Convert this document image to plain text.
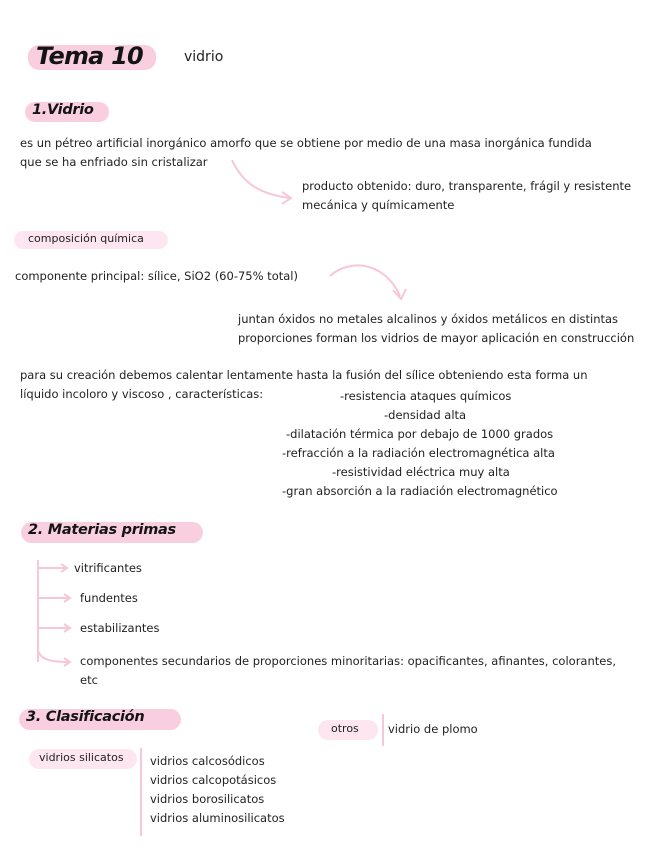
Tema 10	vidrio
1.Vidrio
es un pétreo artificial inorgánico amorfo que se obtiene por medio de una masa inorgánica fundida
que se ha enfriado sin cristalizar
producto obtenido: duro, transparente, frágil y resistente
mecánica y químicamente
composición química
componente principal: sílice, SiO2 (60-75% total)
juntan óxidos no metales alcalinos y óxidos metálicos en distintas
proporciones forman los vidrios de mayor aplicación en construcción
para su creación debemos calentar lentamente hasta la fusión del sílice obteniendo esta forma un
líquido incoloro y viscoso , características:	-resistencia ataques químicos
-densidad alta
-dilatación térmica por debajo de 1000 grados
-refracción a la radiación electromagnética alta
-resistividad eléctrica muy alta
-gran absorción a la radiación electromagnético
2. Materias primas
vitrificantes
fundentes
estabilizantes
componentes secundarios de proporciones minoritarias: opacificantes, afinantes, colorantes,
etc
3. Clasificación
otros	vidrio de plomo
vidrios silicatos vidrios calcosódicos
vidrios calcopotásicos
vidrios borosilicatos
vidrios aluminosilicatos
